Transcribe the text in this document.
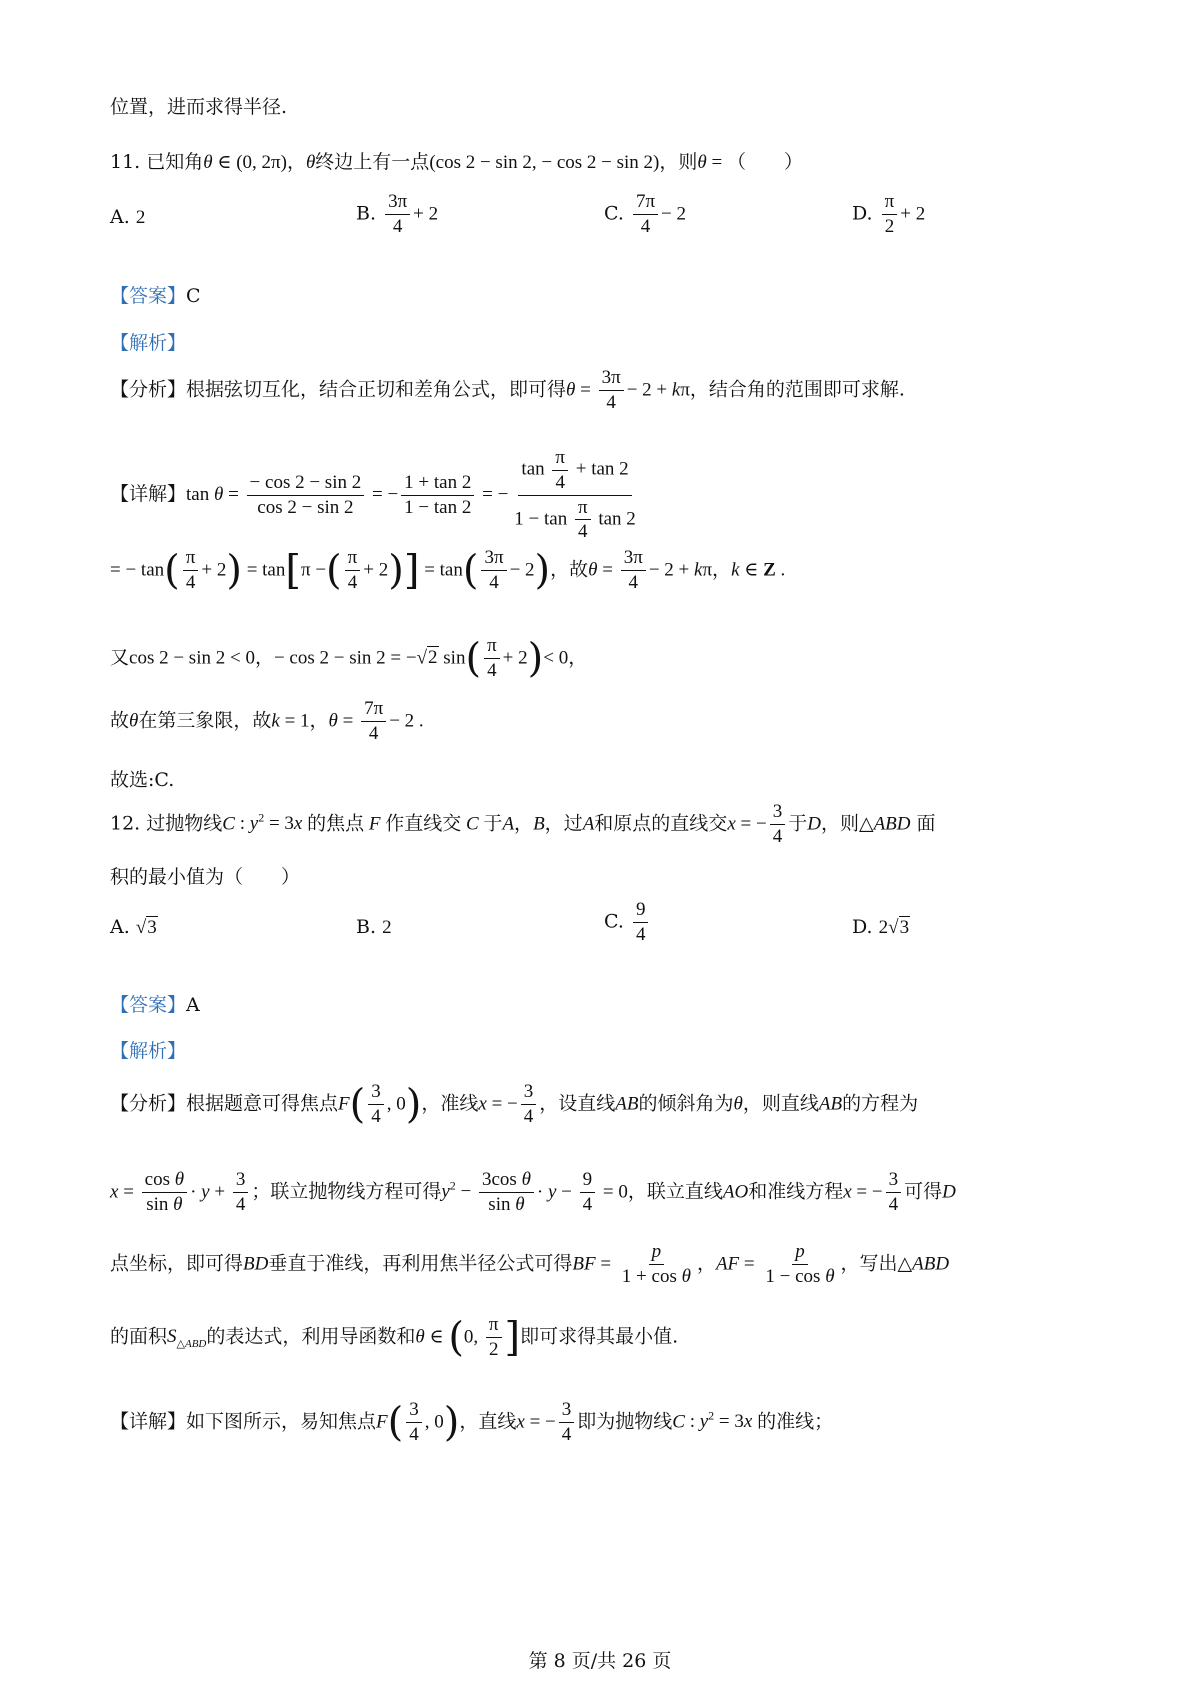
位置，进而求得半径.
11. 已知角θ ∈ (0, 2π)，θ终边上有一点(cos 2 − sin 2, − cos 2 − sin 2)，则θ = （　　）
A. 2	B. $\frac{3\pi}{4} + 2$	C. $\frac{7\pi}{4} - 2$	D. $\frac{\pi}{2} + 2$
【答案】C
【解析】
【分析】根据弦切互化，结合正切和差角公式，即可得$\theta = \frac{3\pi}{4} - 2 + k\pi$，结合角的范围即可求解.
【详解】$\tan \theta = \frac{- \cos 2 - \sin 2}{\cos 2 - \sin 2}$ = − $\frac{1 + \tan 2}{1 - \tan 2}$ = − $\frac{\tan \frac{\pi}{4} + \tan 2}{1 - \tan \frac{\pi}{4} \tan 2}$
= − $\tan( \frac{\pi}{4} + 2) = \tan[\pi$ −( $\frac{\pi}{4} + 2)] = \tan( \frac{3\pi}{4} - 2)$，故$\theta = \frac{3\pi}{4} - 2 + k\pi$，k ∈ Z .
又cos 2 − sin 2 < 0，− cos 2 − sin 2 = −√2 $\sin( \frac{\pi}{4} + 2)< 0$，
故θ在第三象限，故k = 1，$\theta = \frac{7\pi}{4} - 2$ .
故选:C.
12. 过抛物线C : $y^2 = 3x$ 的焦点 F 作直线交 C 于A，B，过A和原点的直线交x = − $\frac{3}{4}$ 于D，则△ABD 面
积的最小值为（　　）
A. √3	B. 2	C. $\frac{9}{4}$	D. 2√3
【答案】A
【解析】
【分析】根据题意可得焦点$F( \frac{3}{4}$ , 0)，准线x = − $\frac{3}{4}$ ，设直线AB的倾斜角为θ，则直线AB的方程为
$x = \frac{\text{cos θ}}{\text{sin θ}} \cdot y + \frac{3}{4}$ ；联立抛物线方程可得$y^2 - \frac{\text{3cos θ}}{\text{sin θ}} \cdot y - \frac{9}{4} = 0$，联立直线AO和准线方程x = − $\frac{3}{4}$ 可得D
点坐标，即可得BD垂直于准线，再利用焦半径公式可得BF = $\frac{p}{\text{1 + cos θ}}$ ，AF = $\frac{p}{\text{1 − cos θ}}$ ，写出△ABD
的面积$S_{\triangle ABD}$的表达式，利用导函数和θ ∈ (0, $\frac{\pi}{2}$ ]即可求得其最小值.
【详解】如下图所示，易知焦点$F( \frac{3}{4}$ , 0)，直线x = − $\frac{3}{4}$ 即为抛物线C : $y^2 = 3x$ 的准线；
第 8 页/共 26 页
